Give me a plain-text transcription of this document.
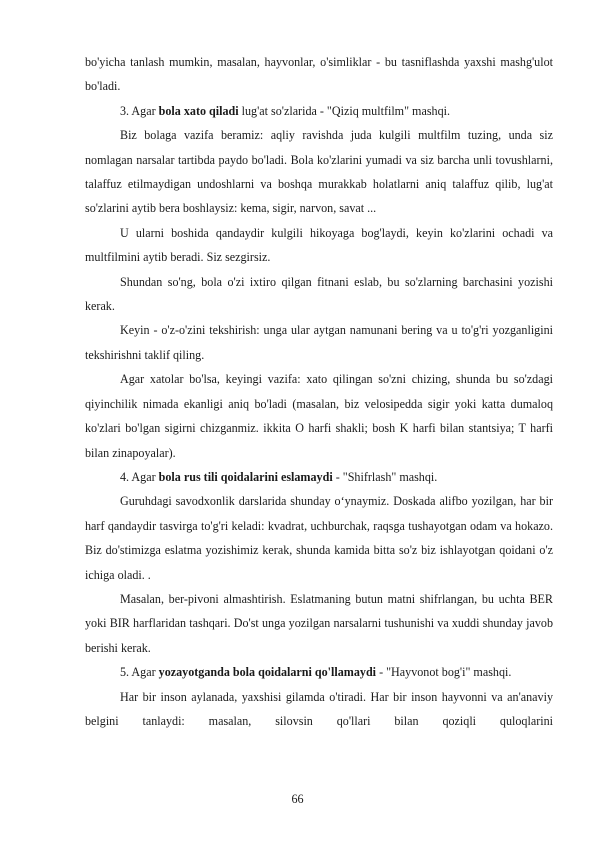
bo'yicha tanlash mumkin, masalan, hayvonlar, o'simliklar - bu tasniflashda yaxshi mashg'ulot bo'ladi.

3. Agar bola xato qiladi lug'at so'zlarida - "Qiziq multfilm" mashqi.

Biz bolaga vazifa beramiz: aqliy ravishda juda kulgili multfilm tuzing, unda siz nomlagan narsalar tartibda paydo bo'ladi. Bola ko'zlarini yumadi va siz barcha unli tovushlarni, talaffuz etilmaydigan undoshlarni va boshqa murakkab holatlarni aniq talaffuz qilib, lug'at so'zlarini aytib bera boshlaysiz: kema, sigir, narvon, savat ...

U ularni boshida qandaydir kulgili hikoyaga bog'laydi, keyin ko'zlarini ochadi va multfilmini aytib beradi. Siz sezgirsiz.

Shundan so'ng, bola o'zi ixtiro qilgan fitnani eslab, bu so'zlarning barchasini yozishi kerak.

Keyin - o'z-o'zini tekshirish: unga ular aytgan namunani bering va u to'g'ri yozganligini tekshirishni taklif qiling.

Agar xatolar bo'lsa, keyingi vazifa: xato qilingan so'zni chizing, shunda bu so'zdagi qiyinchilik nimada ekanligi aniq bo'ladi (masalan, biz velosipedda sigir yoki katta dumaloq ko'zlari bo'lgan sigirni chizganmiz. ikkita O harfi shakli; bosh K harfi bilan stantsiya; T harfi bilan zinapoyalar).

4. Agar bola rus tili qoidalarini eslamaydi - "Shifrlash" mashqi.

Guruhdagi savodxonlik darslarida shunday o‘ynaymiz. Doskada alifbo yozilgan, har bir harf qandaydir tasvirga to'g'ri keladi: kvadrat, uchburchak, raqsga tushayotgan odam va hokazo. Biz do'stimizga eslatma yozishimiz kerak, shunda kamida bitta so'z biz ishlayotgan qoidani o'z ichiga oladi. .

Masalan, ber-pivoni almashtirish. Eslatmaning butun matni shifrlangan, bu uchta BER yoki BIR harflaridan tashqari. Do'st unga yozilgan narsalarni tushunishi va xuddi shunday javob berishi kerak.

5. Agar yozayotganda bola qoidalarni qo'llamaydi - "Hayvonot bog'i" mashqi.

Har bir inson aylanada, yaxshisi gilamda o'tiradi. Har bir inson hayvonni va an'anaviy belgini tanlaydi: masalan, silovsin qo'llari bilan qoziqli quloqlarini

66
